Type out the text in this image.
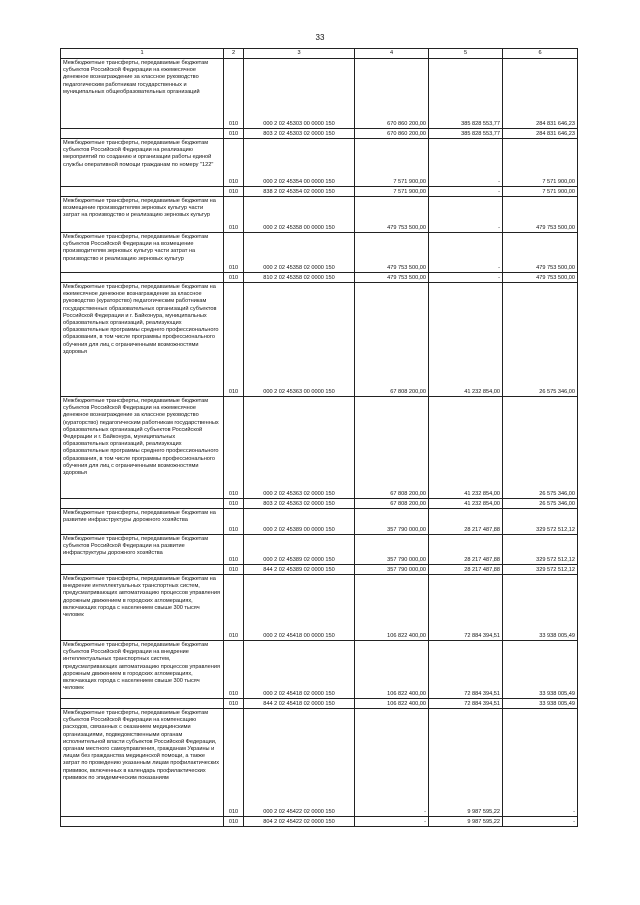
33
1	2	3	4	5	6
Межбюджетные трансферты, передаваемые бюджетам субъектов Российской Федерации на ежемесячное денежное вознаграждение за классное руководство педагогическим работникам государственных и муниципальных общеобразовательных организаций	010	000 2 02 45303 00 0000 150	670 860 200,00	385 828 553,77	284 831 646,23
	010	803 2 02 45303 02 0000 150	670 860 200,00	385 828 553,77	284 831 646,23
Межбюджетные трансферты, передаваемые бюджетам субъектов Российской Федерации на реализацию мероприятий по созданию и организации работы единой службы оперативной помощи гражданам по номеру "122"	010	000 2 02 45354 00 0000 150	7 571 900,00	-	7 571 900,00
	010	838 2 02 45354 02 0000 150	7 571 900,00	-	7 571 900,00
Межбюджетные трансферты, передаваемые бюджетам на возмещение производителям зерновых культур части затрат на производство и реализацию зерновых культур	010	000 2 02 45358 00 0000 150	479 753 500,00	-	479 753 500,00
Межбюджетные трансферты, передаваемые бюджетам субъектов Российской Федерации на возмещение производителям зерновых культур части затрат на производство и реализацию зерновых культур	010	000 2 02 45358 02 0000 150	479 753 500,00	-	479 753 500,00
	010	810 2 02 45358 02 0000 150	479 753 500,00	-	479 753 500,00
Межбюджетные трансферты, передаваемые бюджетам на ежемесячное денежное вознаграждение за классное руководство (кураторство) педагогическим работникам государственных образовательных организаций субъектов Российской Федерации и г. Байконура, муниципальных образовательных организаций, реализующих образовательные программы среднего профессионального образования, в том числе программы профессионального обучения для лиц с ограниченными возможностями здоровья	010	000 2 02 45363 00 0000 150	67 808 200,00	41 232 854,00	26 575 346,00
Межбюджетные трансферты, передаваемые бюджетам субъектов Российской Федерации на ежемесячное денежное вознаграждение за классное руководство (кураторство) педагогическим работникам государственных образовательных организаций субъектов Российской Федерации и г. Байконура, муниципальных образовательных организаций, реализующих образовательные программы среднего профессионального образования, в том числе программы профессионального обучения для лиц с ограниченными возможностями здоровья	010	000 2 02 45363 02 0000 150	67 808 200,00	41 232 854,00	26 575 346,00
	010	803 2 02 45363 02 0000 150	67 808 200,00	41 232 854,00	26 575 346,00
Межбюджетные трансферты, передаваемые бюджетам на развитие инфраструктуры дорожного хозяйства	010	000 2 02 45389 00 0000 150	357 790 000,00	28 217 487,88	329 572 512,12
Межбюджетные трансферты, передаваемые бюджетам субъектов Российской Федерации на развитие инфраструктуры дорожного хозяйства	010	000 2 02 45389 02 0000 150	357 790 000,00	28 217 487,88	329 572 512,12
	010	844 2 02 45389 02 0000 150	357 790 000,00	28 217 487,88	329 572 512,12
Межбюджетные трансферты, передаваемые бюджетам на внедрение интеллектуальных транспортных систем, предусматривающих автоматизацию процессов управления дорожным движением в городских агломерациях, включающих города с населением свыше 300 тысяч человек	010	000 2 02 45418 00 0000 150	106 822 400,00	72 884 394,51	33 938 005,49
Межбюджетные трансферты, передаваемые бюджетам субъектов Российской Федерации на внедрение интеллектуальных транспортных систем, предусматривающих автоматизацию процессов управления дорожным движением в городских агломерациях, включающих города с населением свыше 300 тысяч человек	010	000 2 02 45418 02 0000 150	106 822 400,00	72 884 394,51	33 938 005,49
	010	844 2 02 45418 02 0000 150	106 822 400,00	72 884 394,51	33 938 005,49
Межбюджетные трансферты, передаваемые бюджетам субъектов Российской Федерации на компенсацию расходов, связанных с оказанием медицинскими организациями, подведомственными органам исполнительной власти субъектов Российской Федерации, органам местного самоуправления, гражданам Украины и лицам без гражданства медицинской помощи, а также затрат по проведению указанным лицам профилактических прививок, включенных в календарь профилактических прививок по эпидемическим показаниям	010	000 2 02 45422 02 0000 150	-	9 987 595,22	-
	010	804 2 02 45422 02 0000 150	-	9 987 595,22	-
